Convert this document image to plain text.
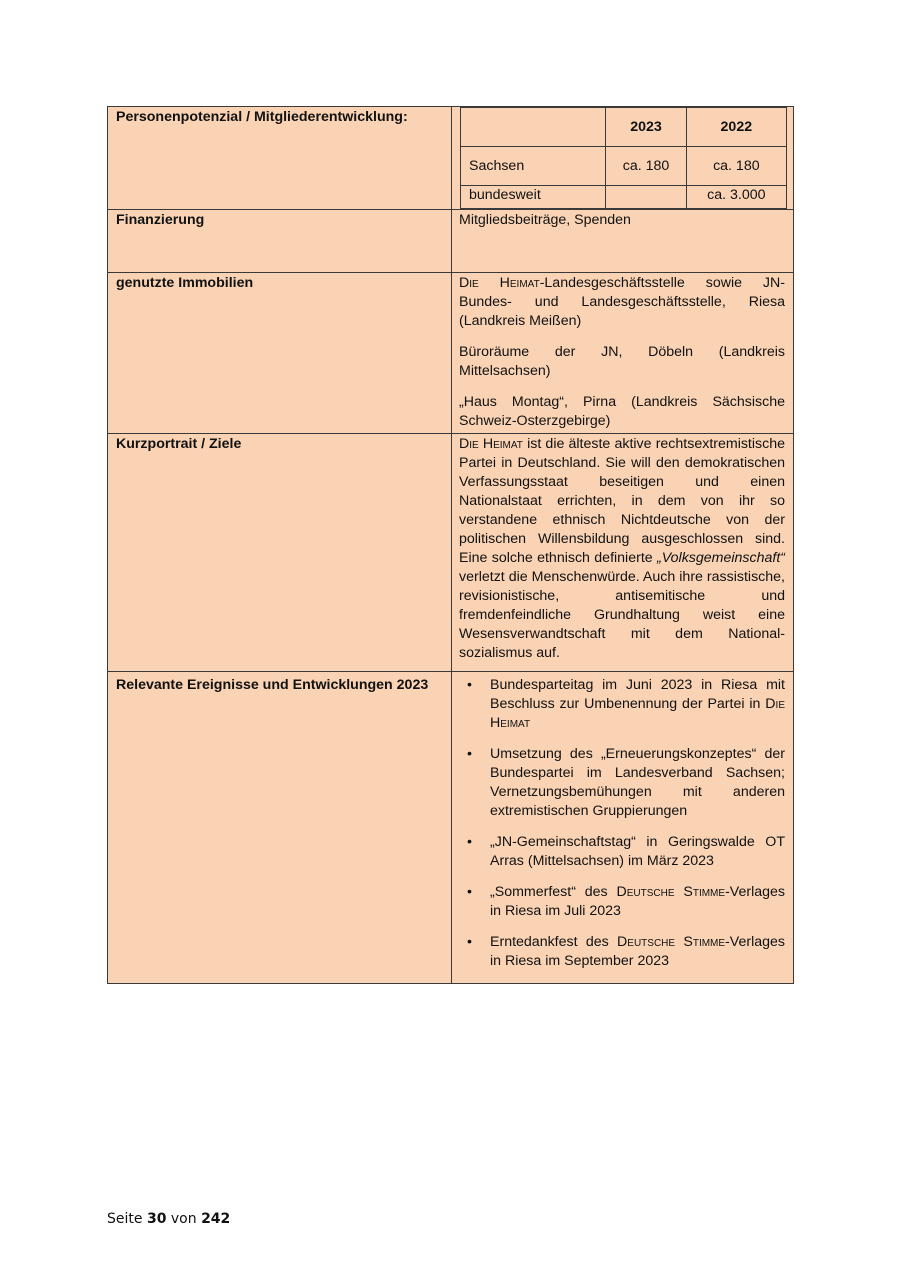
Personenpotenzial / Mitgliederentwicklung:

	2023	2022
Sachsen	ca. 180	ca. 180
bundesweit		ca. 3.000

Finanzierung	Mitgliedsbeiträge, Spenden

genutzte Immobilien	Die Heimat-Landesgeschäftsstelle sowie JN-Bundes- und Landesgeschäftsstelle, Riesa (Landkreis Meißen)

Büroräume der JN, Döbeln (Landkreis Mittelsachsen)

„Haus Montag“, Pirna (Landkreis Sächsische Schweiz-Osterzgebirge)

Kurzportrait / Ziele	Die Heimat ist die älteste aktive rechtsextremistische Partei in Deutschland. Sie will den demokratischen Verfassungsstaat beseitigen und einen Nationalstaat errichten, in dem von ihr so verstandene ethnisch Nichtdeutsche von der politischen Willensbildung ausgeschlossen sind. Eine solche ethnisch definierte „Volksgemeinschaft“ verletzt die Menschenwürde. Auch ihre rassistische, revisionistische, antisemitische und fremdenfeindliche Grundhaltung weist eine Wesensverwandtschaft mit dem National-sozialismus auf.

Relevante Ereignisse und Entwicklungen 2023	• Bundesparteitag im Juni 2023 in Riesa mit Beschluss zur Umbenennung der Partei in Die Heimat
• Umsetzung des „Erneuerungskonzeptes“ der Bundespartei im Landesverband Sachsen; Vernetzungsbemühungen mit anderen extremistischen Gruppierungen
• „JN-Gemeinschaftstag“ in Geringswalde OT Arras (Mittelsachsen) im März 2023
• „Sommerfest“ des Deutsche Stimme-Verlages in Riesa im Juli 2023
• Erntedankfest des Deutsche Stimme-Verlages in Riesa im September 2023
Seite 30 von 242
